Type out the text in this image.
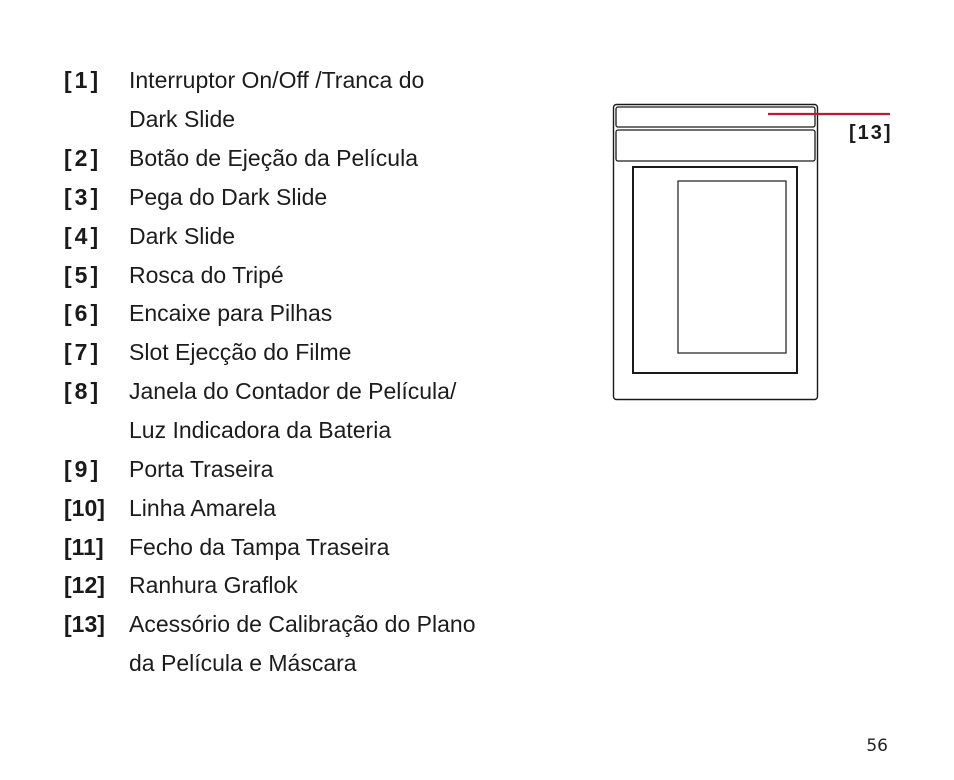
[1]	Interruptor On/Off /Tranca do
Dark Slide
[2]	Botão de Ejeção da Película
[3]	Pega do Dark Slide
[4]	Dark Slide
[5]	Rosca do Tripé
[6]	Encaixe para Pilhas
[7]	Slot Ejecção do Filme
[8]	Janela do Contador de Película/
Luz Indicadora da Bateria
[9]	Porta Traseira
[10]	Linha Amarela
[11]	Fecho da Tampa Traseira
[12]	Ranhura Graflok
[13]	Acessório de Calibração do Plano
da Película e Máscara
[13]
56
